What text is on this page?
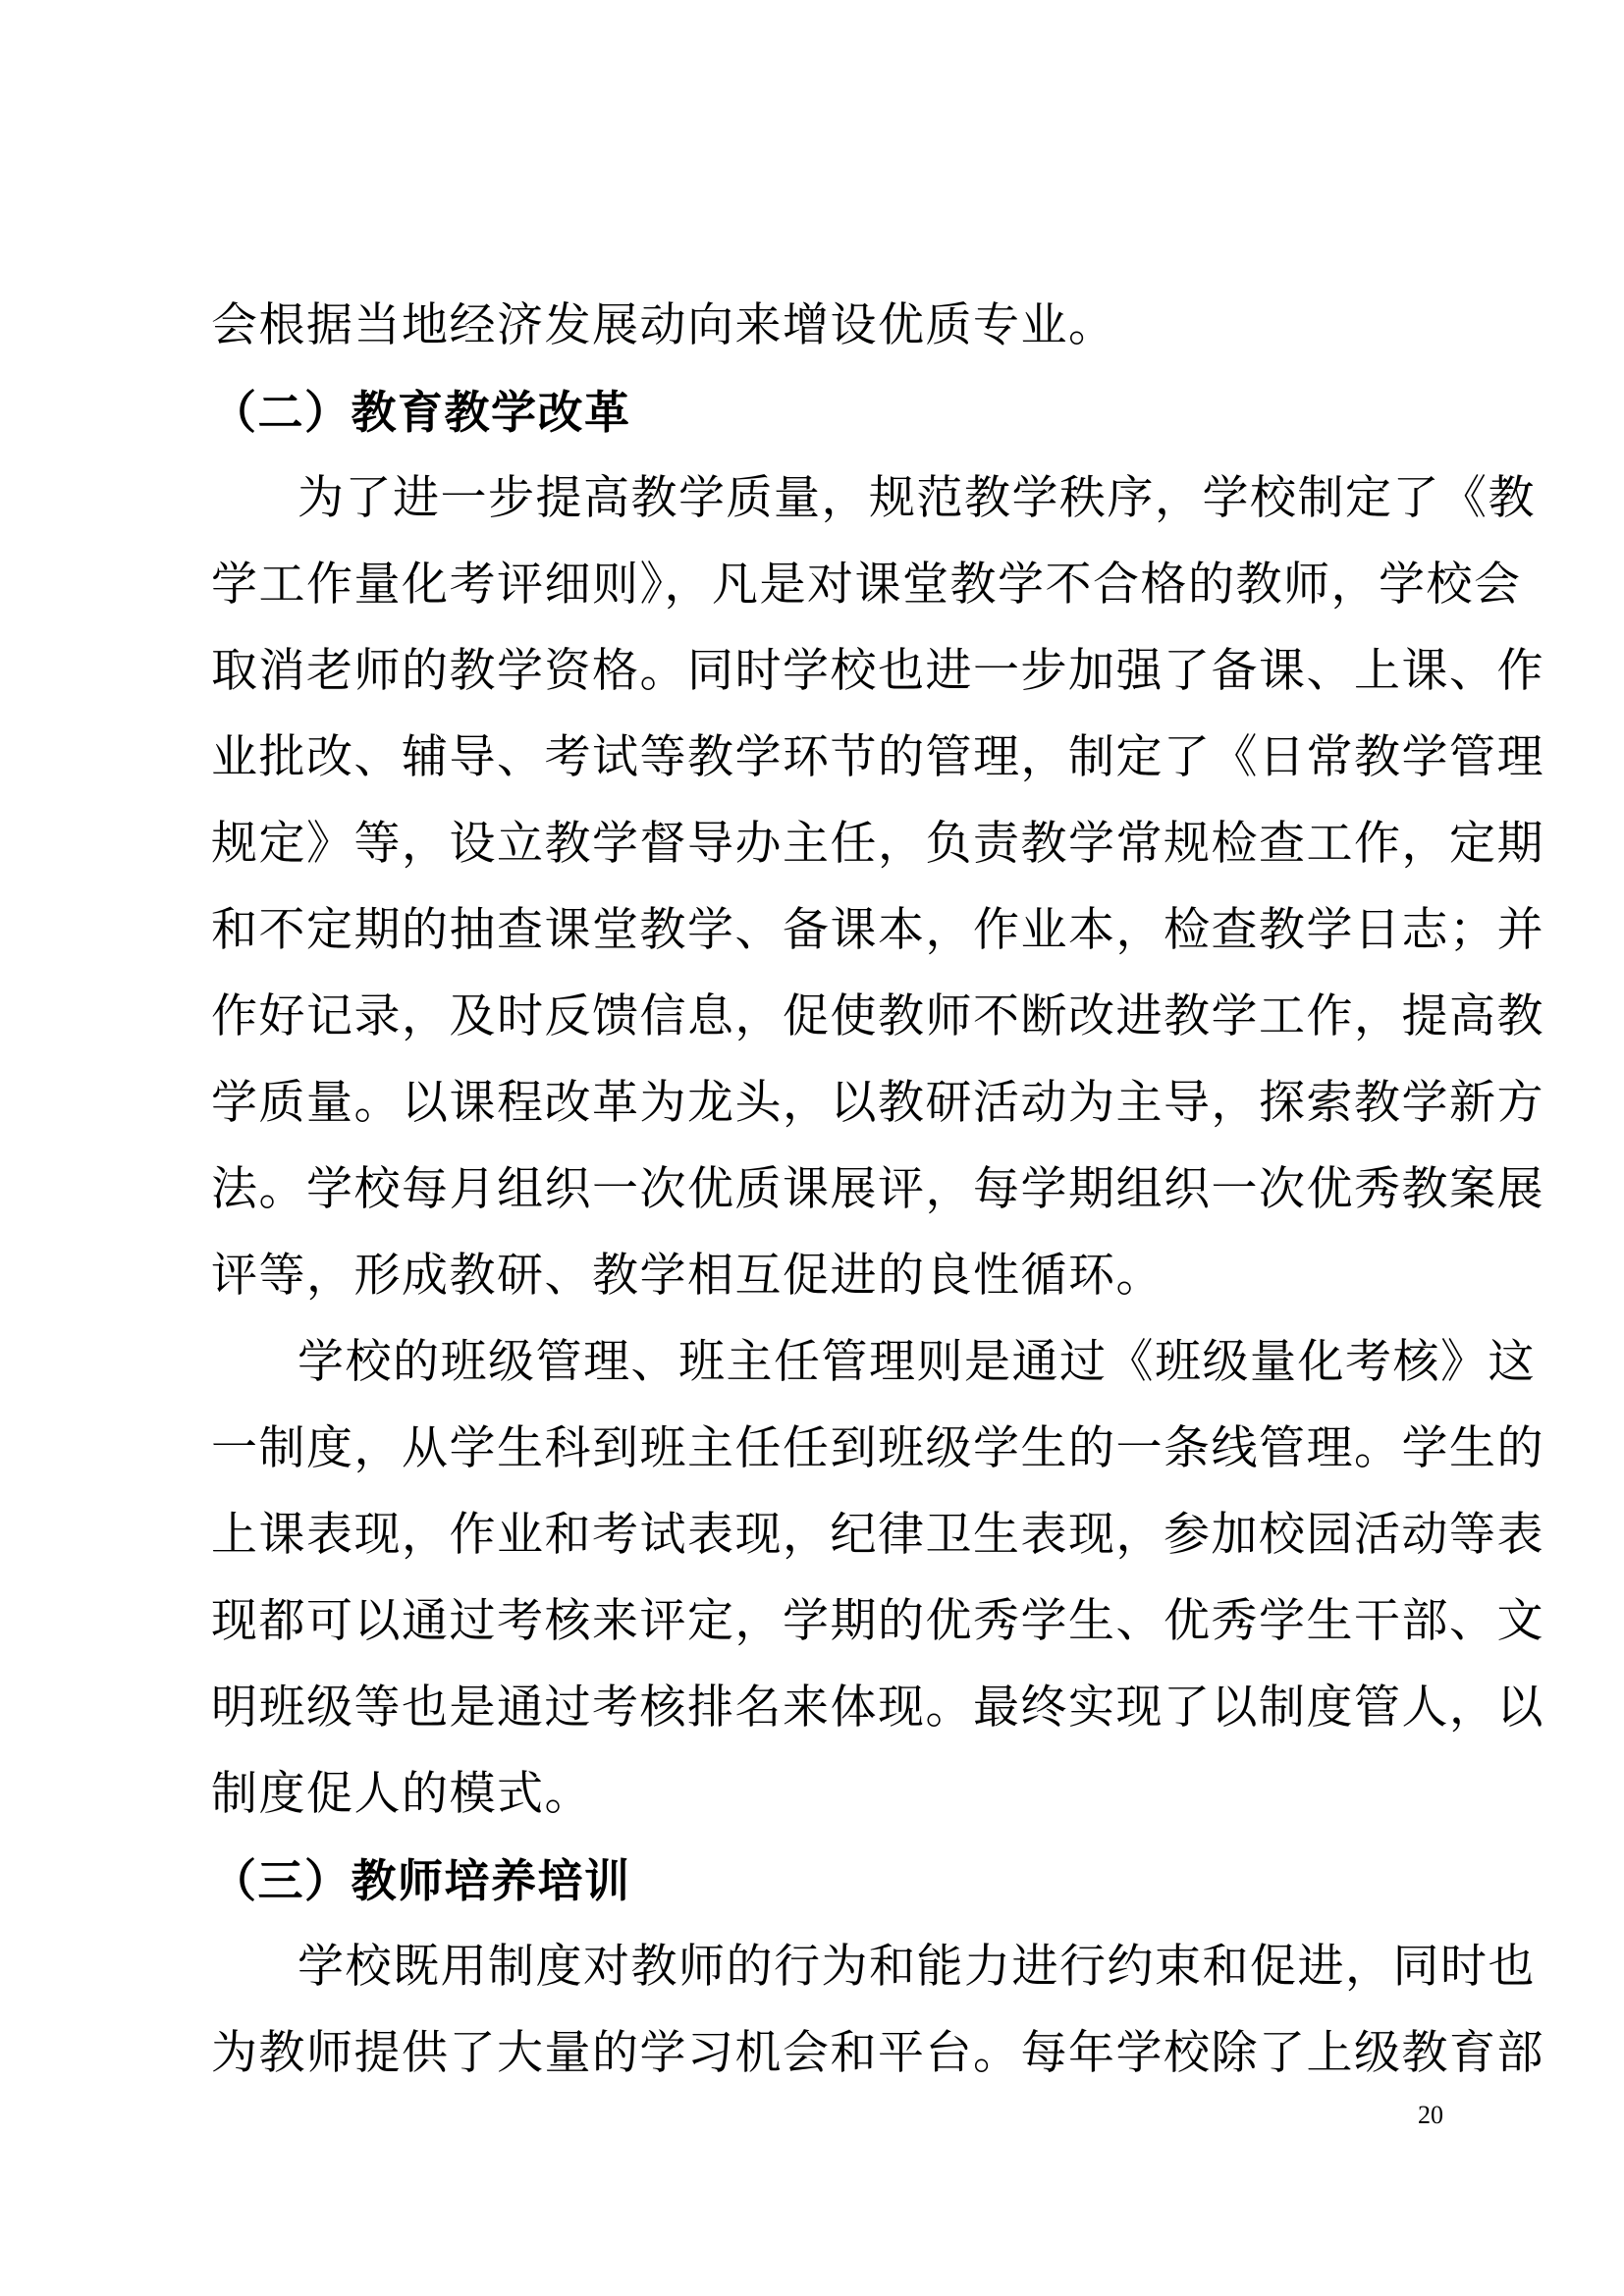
会根据当地经济发展动向来增设优质专业。
（二）教育教学改革
为了进一步提高教学质量，规范教学秩序，学校制定了《教
学工作量化考评细则》，凡是对课堂教学不合格的教师，学校会
取消老师的教学资格。同时学校也进一步加强了备课、上课、作
业批改、辅导、考试等教学环节的管理，制定了《日常教学管理
规定》等，设立教学督导办主任，负责教学常规检查工作，定期
和不定期的抽查课堂教学、备课本，作业本，检查教学日志；并
作好记录，及时反馈信息，促使教师不断改进教学工作，提高教
学质量。以课程改革为龙头，以教研活动为主导，探索教学新方
法。学校每月组织一次优质课展评，每学期组织一次优秀教案展
评等，形成教研、教学相互促进的良性循环。
学校的班级管理、班主任管理则是通过《班级量化考核》这
一制度，从学生科到班主任任到班级学生的一条线管理。学生的
上课表现，作业和考试表现，纪律卫生表现，参加校园活动等表
现都可以通过考核来评定，学期的优秀学生、优秀学生干部、文
明班级等也是通过考核排名来体现。最终实现了以制度管人，以
制度促人的模式。
（三）教师培养培训
学校既用制度对教师的行为和能力进行约束和促进，同时也
为教师提供了大量的学习机会和平台。每年学校除了上级教育部
20
